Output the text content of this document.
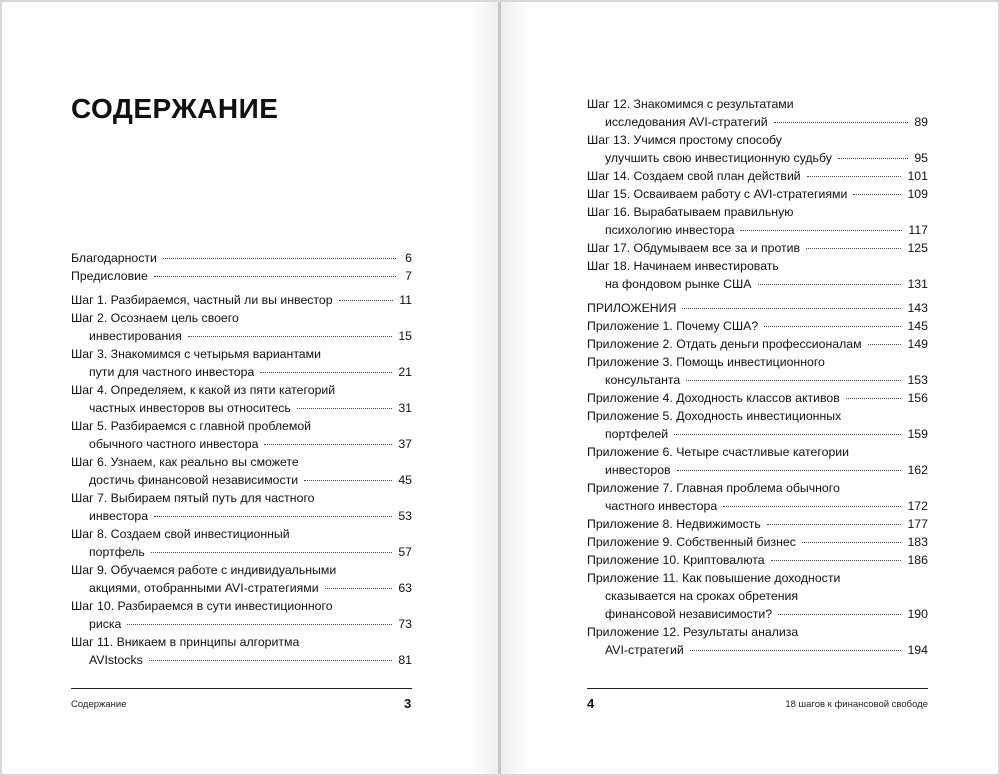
СОДЕРЖАНИЕ
Благодарности	6
Предисловие	7
Шаг 1. Разбираемся, частный ли вы инвестор	11
Шаг 2. Осознаем цель своего
инвестирования	15
Шаг 3. Знакомимся с четырьмя вариантами
пути для частного инвестора	21
Шаг 4. Определяем, к какой из пяти категорий
частных инвесторов вы относитесь	31
Шаг 5. Разбираемся с главной проблемой
обычного частного инвестора	37
Шаг 6. Узнаем, как реально вы сможете
достичь финансовой независимости	45
Шаг 7. Выбираем пятый путь для частного
инвестора	53
Шаг 8. Создаем свой инвестиционный
портфель	57
Шаг 9. Обучаемся работе с индивидуальными
акциями, отобранными AVI-стратегиями	63
Шаг 10. Разбираемся в сути инвестиционного
риска	73
Шаг 11. Вникаем в принципы алгоритма
AVIstocks	81
Шаг 12. Знакомимся с результатами
исследования AVI-стратегий	89
Шаг 13. Учимся простому способу
улучшить свою инвестиционную судьбу	95
Шаг 14. Создаем свой план действий	101
Шаг 15. Осваиваем работу с AVI-стратегиями	109
Шаг 16. Вырабатываем правильную
психологию инвестора	117
Шаг 17. Обдумываем все за и против	125
Шаг 18. Начинаем инвестировать
на фондовом рынке США	131
ПРИЛОЖЕНИЯ	143
Приложение 1. Почему США?	145
Приложение 2. Отдать деньги профессионалам	149
Приложение 3. Помощь инвестиционного
консультанта	153
Приложение 4. Доходность классов активов	156
Приложение 5. Доходность инвестиционных
портфелей	159
Приложение 6. Четыре счастливые категории
инвесторов	162
Приложение 7. Главная проблема обычного
частного инвестора	172
Приложение 8. Недвижимость	177
Приложение 9. Собственный бизнес	183
Приложение 10. Криптовалюта	186
Приложение 11. Как повышение доходности
сказывается на сроках обретения
финансовой независимости?	190
Приложение 12. Результаты анализа
AVI-стратегий	194
Содержание	3	4	18 шагов к финансовой свободе
